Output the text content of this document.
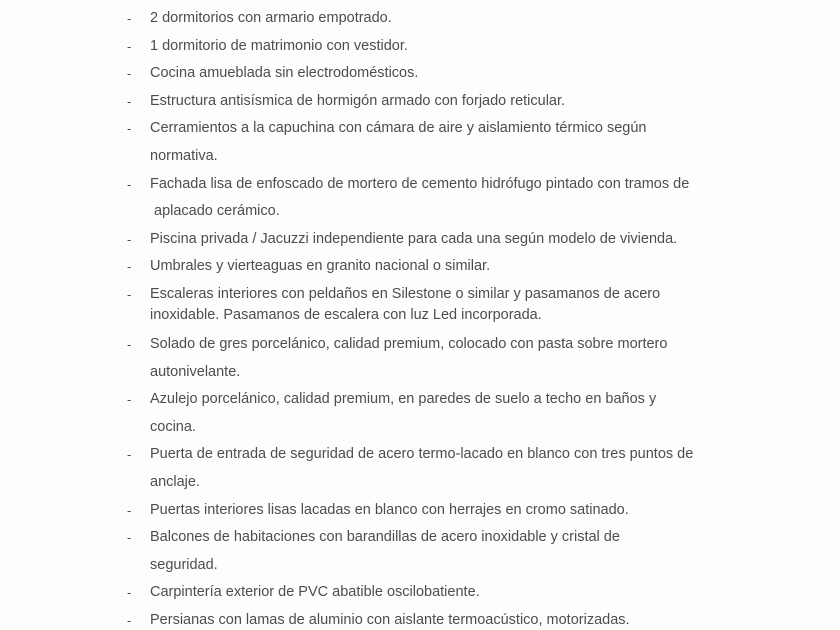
-	2 dormitorios con armario empotrado.
-	1 dormitorio de matrimonio con vestidor.
-	Cocina amueblada sin electrodomésticos.
-	Estructura antisísmica de hormigón armado con forjado reticular.
-	Cerramientos a la capuchina con cámara de aire y aislamiento térmico según
normativa.
-	Fachada lisa de enfoscado de mortero de cemento hidrófugo pintado con tramos de
aplacado cerámico.
-	Piscina privada / Jacuzzi independiente para cada una según modelo de vivienda.
-	Umbrales y vierteaguas en granito nacional o similar.
-	Escaleras interiores con peldaños en Silestone o similar y pasamanos de acero
inoxidable. Pasamanos de escalera con luz Led incorporada.
-	Solado de gres porcelánico, calidad premium, colocado con pasta sobre mortero
autonivelante.
-	Azulejo porcelánico, calidad premium, en paredes de suelo a techo en baños y
cocina.
-	Puerta de entrada de seguridad de acero termo-lacado en blanco con tres puntos de
anclaje.
-	Puertas interiores lisas lacadas en blanco con herrajes en cromo satinado.
-	Balcones de habitaciones con barandillas de acero inoxidable y cristal de
seguridad.
-	Carpintería exterior de PVC abatible oscilobatiente.
-	Persianas con lamas de aluminio con aislante termoacústico, motorizadas.
